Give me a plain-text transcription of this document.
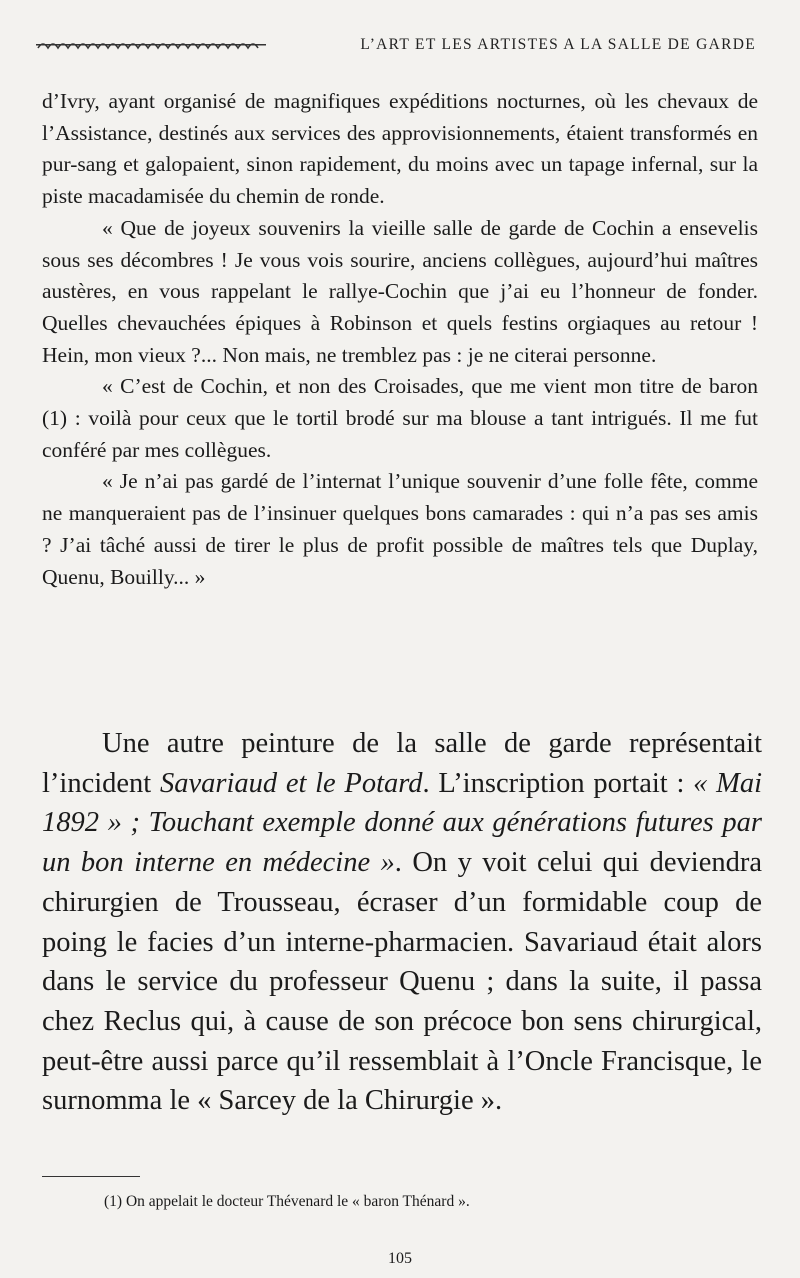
L’ART ET LES ARTISTES A LA SALLE DE GARDE

d’Ivry, ayant organisé de magnifiques expéditions nocturnes, où les chevaux de l’Assistance, destinés aux services des approvisionnements, étaient transformés en pur-sang et galopaient, sinon rapidement, du moins avec un tapage infernal, sur la piste macadamisée du chemin de ronde.

« Que de joyeux souvenirs la vieille salle de garde de Cochin a ensevelis sous ses décombres ! Je vous vois sourire, anciens collègues, aujourd’hui maîtres austères, en vous rappelant le rallye-Cochin que j’ai eu l’honneur de fonder. Quelles chevauchées épiques à Robinson et quels festins orgiaques au retour ! Hein, mon vieux ?... Non mais, ne tremblez pas : je ne citerai personne.

« C’est de Cochin, et non des Croisades, que me vient mon titre de baron (1) : voilà pour ceux que le tortil brodé sur ma blouse a tant intrigués. Il me fut conféré par mes collègues.

« Je n’ai pas gardé de l’internat l’unique souvenir d’une folle fête, comme ne manqueraient pas de l’insinuer quelques bons camarades : qui n’a pas ses amis ? J’ai tâché aussi de tirer le plus de profit possible de maîtres tels que Duplay, Quenu, Bouilly... »

Une autre peinture de la salle de garde représentait l’incident Savariaud et le Potard. L’inscription portait : « Mai 1892 » ; Touchant exemple donné aux générations futures par un bon interne en médecine ». On y voit celui qui deviendra chirurgien de Trousseau, écraser d’un formidable coup de poing le facies d’un interne-pharmacien. Savariaud était alors dans le service du professeur Quenu ; dans la suite, il passa chez Reclus qui, à cause de son précoce bon sens chirurgical, peut-être aussi parce qu’il ressemblait à l’Oncle Francisque, le surnomma le « Sarcey de la Chirurgie ».

(1) On appelait le docteur Thévenard le « baron Thénard ».
105
